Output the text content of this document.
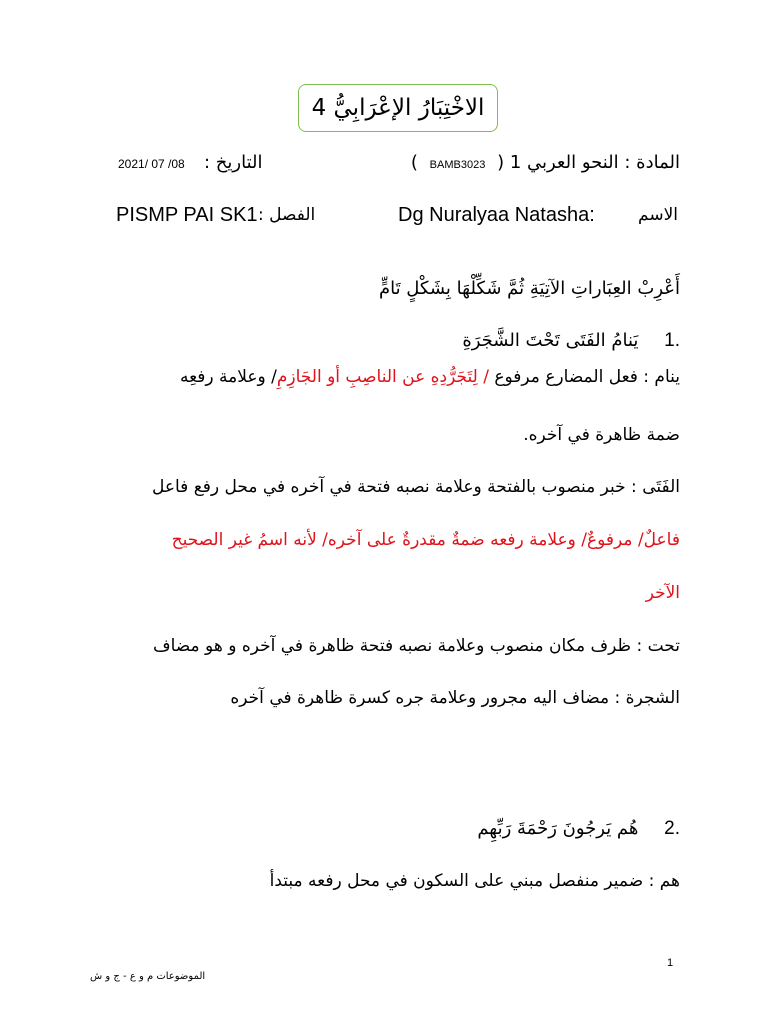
الاخْتِبَارُ الإعْرَابِيُّ 4
المادة : النحو العربي 1 ( BAMB3023 )
التاريخ :
2021/ 07 /08
Dg Nuralyaa Natasha:	الاسم
PISMP PAI SK1 الفصل :
أَعْرِبْ العِبَاراتِ الآتِيَةِ ثُمَّ شَكِّلْهَا بِشَكْلٍ تَامٍّ
.1 يَنامُ الفَتَى تَحْتَ الشَّجَرَةِ
ينام : فعل المضارع مرفوع / لِتَجَرُّدِهِ عن الناصِبِ أو الجَازِمِ/ وعلامة رفعِه
ضمة ظاهرة في آخره.
الفَتَى : خبر منصوب بالفتحة وعلامة نصبه فتحة في آخره في محل رفع فاعل
فاعلٌ/ مرفوعٌ/ وعلامة رفعه ضمةٌ مقدرةٌ على آخره/ لأنه اسمُ غير الصحيح
الآخر
تحت : ظرف مكان منصوب وعلامة نصبه فتحة ظاهرة في آخره و هو مضاف
الشجرة : مضاف اليه مجرور وعلامة جره كسرة ظاهرة في آخره
.2 هُم يَرجُونَ رَحْمَةَ رَبِّهِم
هم : ضمير منفصل مبني على السكون في محل رفعه مبتدأ
1
الموضوعات م و ع - ج و ش
